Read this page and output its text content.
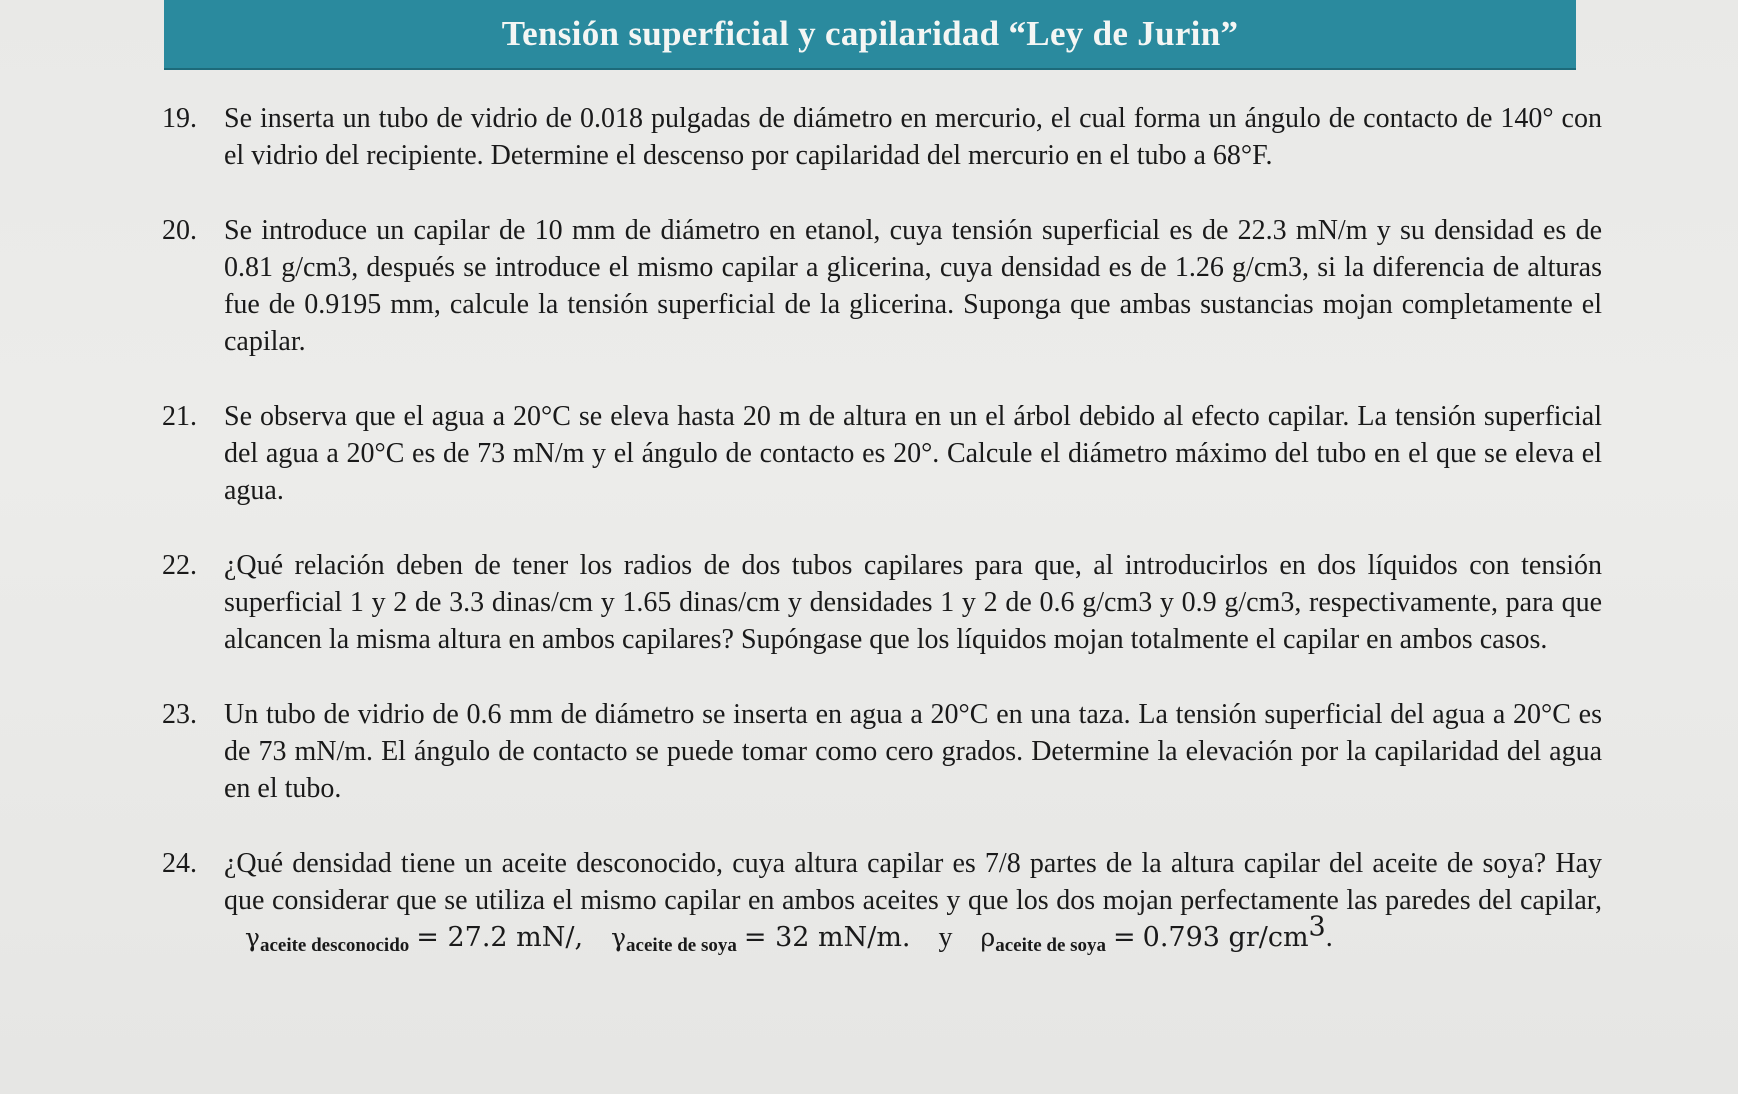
Tensión superficial y capilaridad “Ley de Jurin”
19. Se inserta un tubo de vidrio de 0.018 pulgadas de diámetro en mercurio, el cual forma un ángulo de contacto de 140° con el vidrio del recipiente. Determine el descenso por capilaridad del mercurio en el tubo a 68°F.
20. Se introduce un capilar de 10 mm de diámetro en etanol, cuya tensión superficial es de 22.3 mN/m y su densidad es de 0.81 g/cm3, después se introduce el mismo capilar a glicerina, cuya densidad es de 1.26 g/cm3, si la diferencia de alturas fue de 0.9195 mm, calcule la tensión superficial de la glicerina. Suponga que ambas sustancias mojan completamente el capilar.
21. Se observa que el agua a 20°C se eleva hasta 20 m de altura en un el árbol debido al efecto capilar. La tensión superficial del agua a 20°C es de 73 mN/m y el ángulo de contacto es 20°. Calcule el diámetro máximo del tubo en el que se eleva el agua.
22. ¿Qué relación deben de tener los radios de dos tubos capilares para que, al introducirlos en dos líquidos con tensión superficial 1 y 2 de 3.3 dinas/cm y 1.65 dinas/cm y densidades 1 y 2 de 0.6 g/cm3 y 0.9 g/cm3, respectivamente, para que alcancen la misma altura en ambos capilares? Supóngase que los líquidos mojan totalmente el capilar en ambos casos.
23. Un tubo de vidrio de 0.6 mm de diámetro se inserta en agua a 20°C en una taza. La tensión superficial del agua a 20°C es de 73 mN/m. El ángulo de contacto se puede tomar como cero grados. Determine la elevación por la capilaridad del agua en el tubo.
24. ¿Qué densidad tiene un aceite desconocido, cuya altura capilar es 7/8 partes de la altura capilar del aceite de soya? Hay que considerar que se utiliza el mismo capilar en ambos aceites y que los dos mojan perfectamente las paredes del capilar,  $\gamma_{aceite desconocido} = 27.2$ mN/, $\gamma_{aceite de soya} = 32$ mN/m. y $\rho_{aceite de soya} = 0.793$ $gr/cm^3$.
